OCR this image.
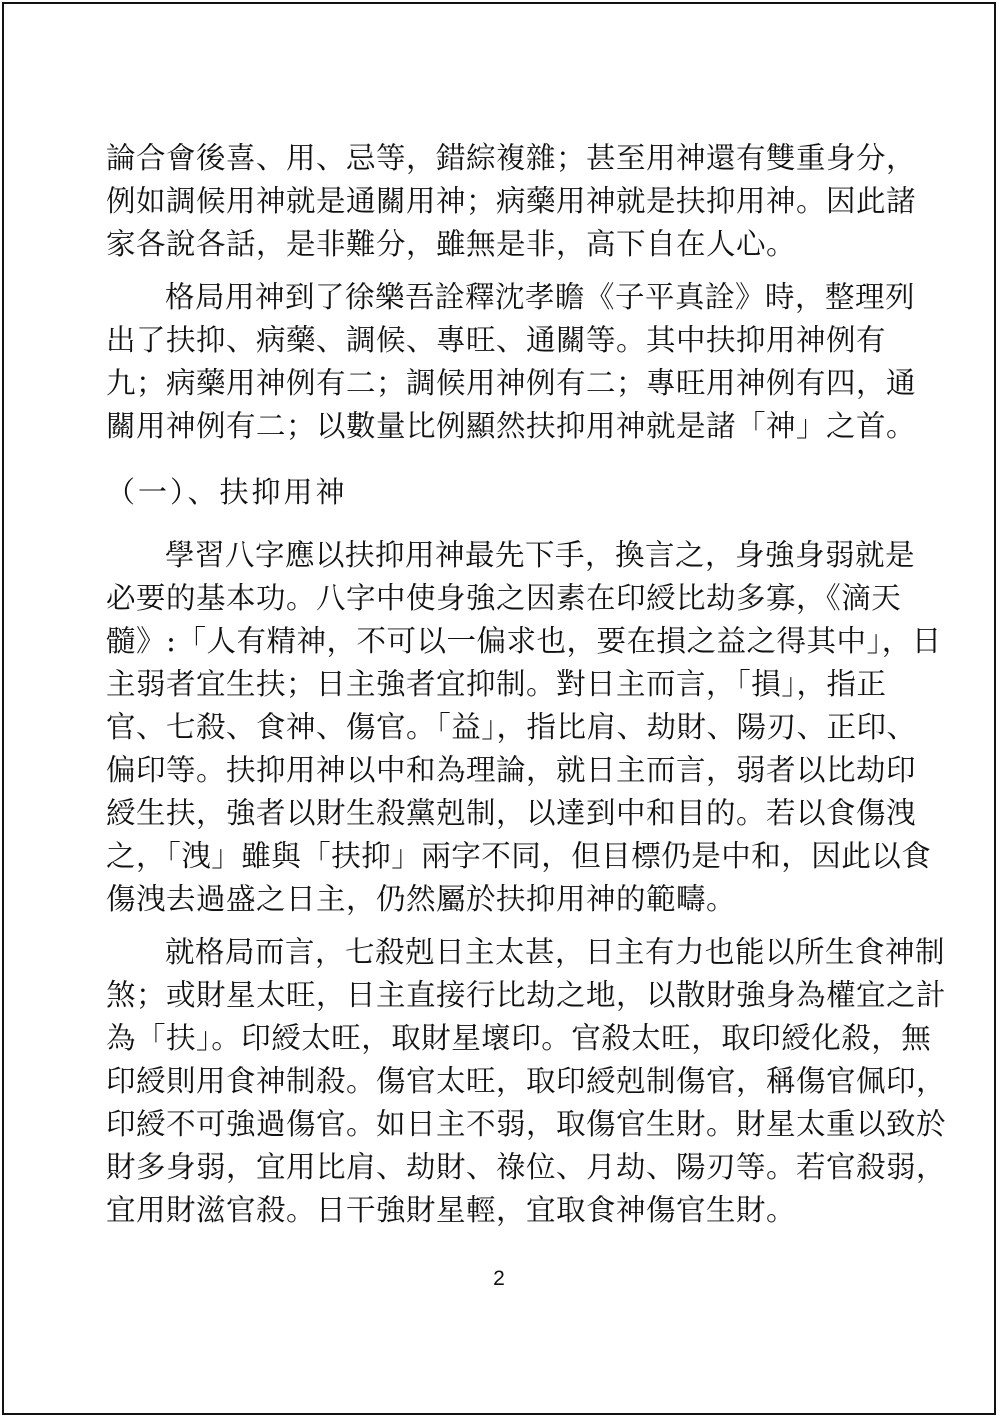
論合會後喜、用、忌等，錯綜複雜；甚至用神還有雙重身分，
例如調候用神就是通關用神；病藥用神就是扶抑用神。因此諸
家各說各話，是非難分，雖無是非，高下自在人心。

格局用神到了徐樂吾詮釋沈孝瞻《子平真詮》時，整理列
出了扶抑、病藥、調候、專旺、通關等。其中扶抑用神例有
九；病藥用神例有二；調候用神例有二；專旺用神例有四，通
關用神例有二；以數量比例顯然扶抑用神就是諸「神」之首。

（一）、扶抑用神

學習八字應以扶抑用神最先下手，換言之，身強身弱就是
必要的基本功。八字中使身強之因素在印綬比劫多寡，《滴天
髓》:「人有精神，不可以一偏求也，要在損之益之得其中」，日
主弱者宜生扶；日主強者宜抑制。對日主而言，「損」，指正
官、七殺、食神、傷官。「益」，指比肩、劫財、陽刃、正印、
偏印等。扶抑用神以中和為理論，就日主而言，弱者以比劫印
綬生扶，強者以財生殺黨剋制，以達到中和目的。若以食傷洩
之，「洩」雖與「扶抑」兩字不同，但目標仍是中和，因此以食
傷洩去過盛之日主，仍然屬於扶抑用神的範疇。

就格局而言，七殺剋日主太甚，日主有力也能以所生食神制
煞；或財星太旺，日主直接行比劫之地，以散財強身為權宜之計
為「扶」。印綬太旺，取財星壞印。官殺太旺，取印綬化殺，無
印綬則用食神制殺。傷官太旺，取印綬剋制傷官，稱傷官佩印，
印綬不可強過傷官。如日主不弱，取傷官生財。財星太重以致於
財多身弱，宜用比肩、劫財、祿位、月劫、陽刃等。若官殺弱，
宜用財滋官殺。日干強財星輕，宜取食神傷官生財。

2
